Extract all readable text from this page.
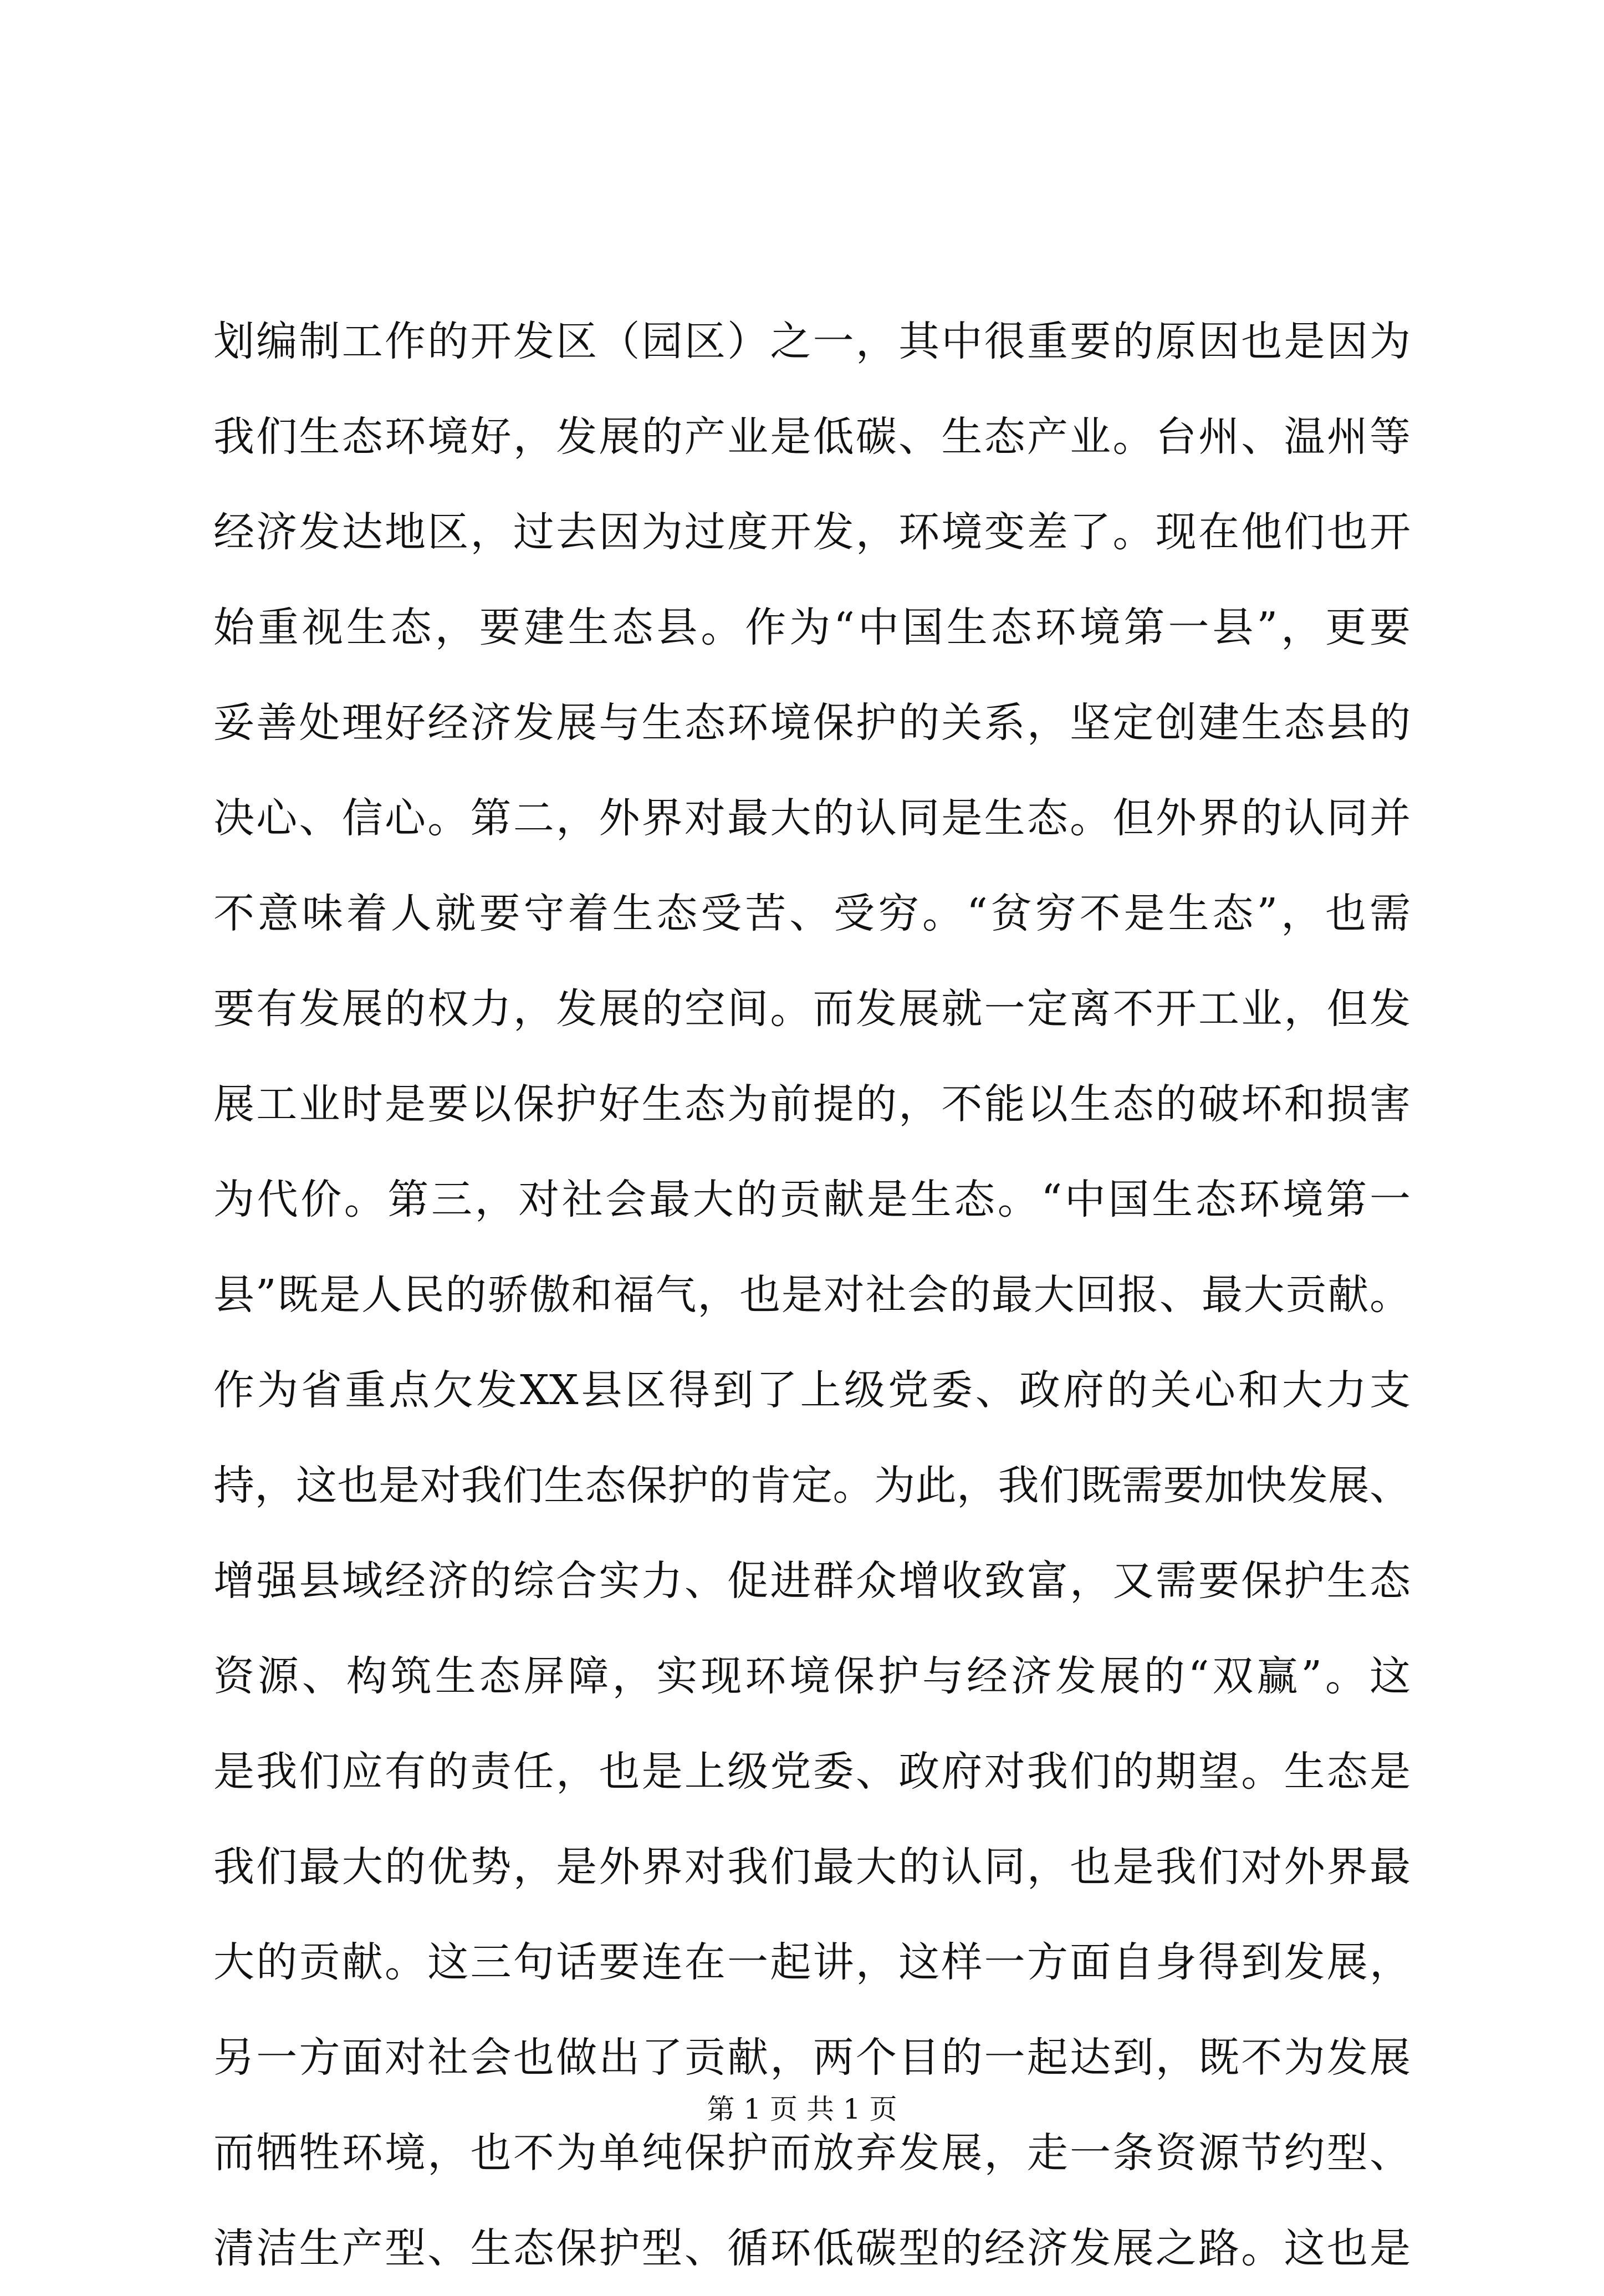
划编制工作的开发区（园区）之一，其中很重要的原因也是因为
我们生态环境好，发展的产业是低碳、生态产业。台州、温州等
经济发达地区，过去因为过度开发，环境变差了。现在他们也开
始重视生态，要建生态县。作为“中国生态环境第一县”，更要
妥善处理好经济发展与生态环境保护的关系，坚定创建生态县的
决心、信心。第二，外界对最大的认同是生态。但外界的认同并
不意味着人就要守着生态受苦、受穷。“贫穷不是生态”，也需
要有发展的权力，发展的空间。而发展就一定离不开工业，但发
展工业时是要以保护好生态为前提的，不能以生态的破坏和损害
为代价。第三，对社会最大的贡献是生态。“中国生态环境第一
县”既是人民的骄傲和福气，也是对社会的最大回报、最大贡献。
作为省重点欠发XX县区得到了上级党委、政府的关心和大力支
持，这也是对我们生态保护的肯定。为此，我们既需要加快发展、
增强县域经济的综合实力、促进群众增收致富，又需要保护生态
资源、构筑生态屏障，实现环境保护与经济发展的“双赢”。这
是我们应有的责任，也是上级党委、政府对我们的期望。生态是
我们最大的优势，是外界对我们最大的认同，也是我们对外界最
大的贡献。这三句话要连在一起讲，这样一方面自身得到发展，
另一方面对社会也做出了贡献，两个目的一起达到，既不为发展
而牺牲环境，也不为单纯保护而放弃发展，走一条资源节约型、
清洁生产型、生态保护型、循环低碳型的经济发展之路。这也是
第 1 页 共 1 页
